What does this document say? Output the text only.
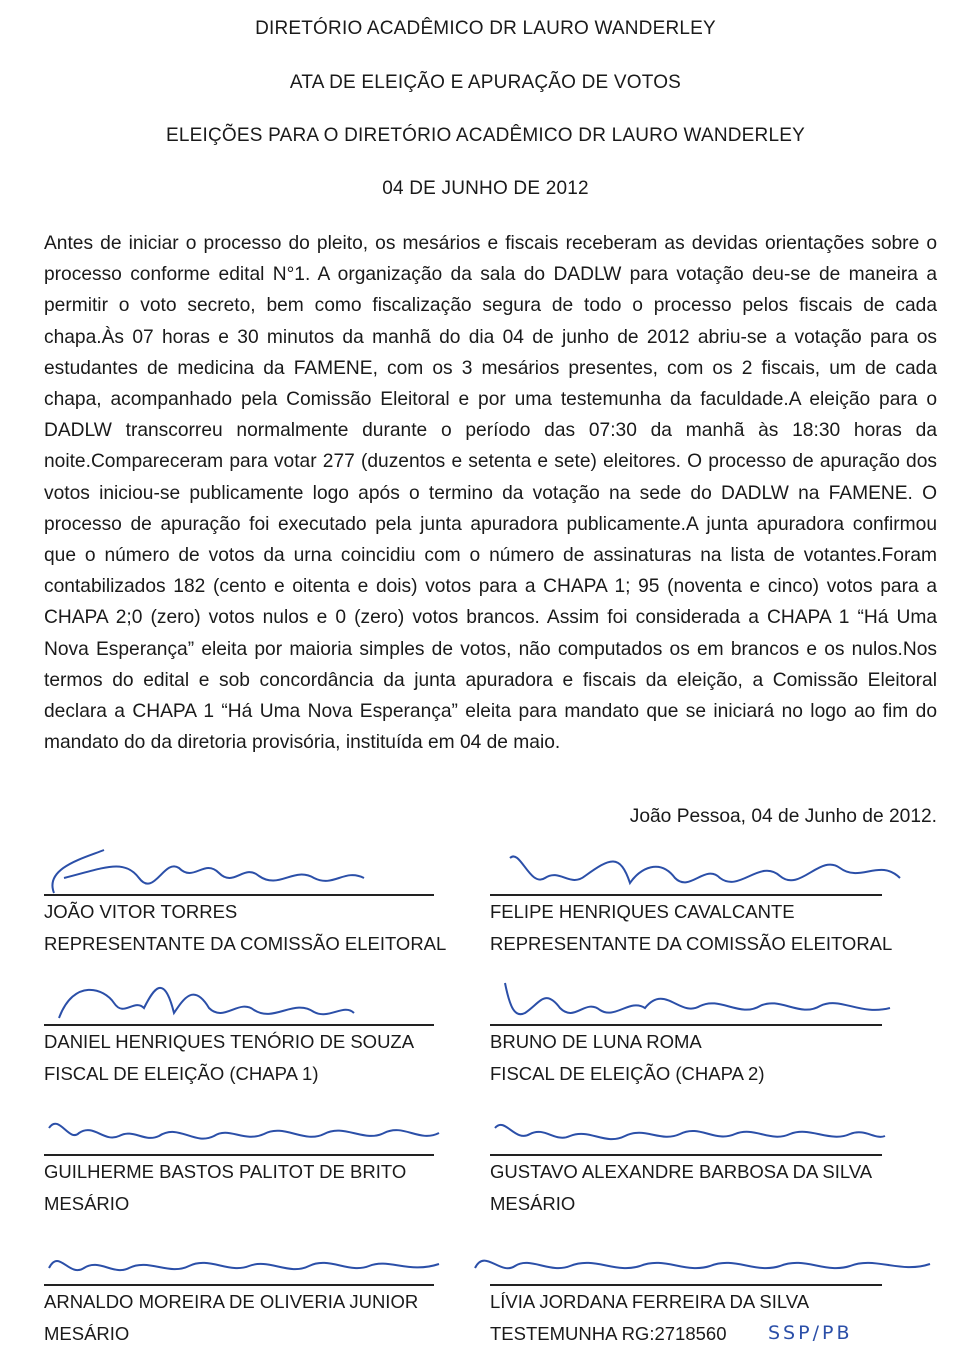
DIRETÓRIO ACADÊMICO DR LAURO WANDERLEY
ATA DE ELEIÇÃO E APURAÇÃO DE VOTOS
ELEIÇÕES PARA O DIRETÓRIO ACADÊMICO DR LAURO WANDERLEY
04 DE JUNHO DE 2012
Antes de iniciar o processo do pleito, os mesários e fiscais receberam as devidas orientações sobre o processo conforme edital N°1. A organização da sala do DADLW para votação deu-se de maneira a permitir o voto secreto, bem como fiscalização segura de todo o processo pelos fiscais de cada chapa.Às 07 horas e 30 minutos da manhã do dia 04 de junho de 2012 abriu-se a votação para os estudantes de medicina da FAMENE, com os 3 mesários presentes, com os 2 fiscais, um de cada chapa, acompanhado pela Comissão Eleitoral e por uma testemunha da faculdade.A eleição para o DADLW transcorreu normalmente durante o período das 07:30 da manhã às 18:30 horas da noite.Compareceram para votar 277 (duzentos e setenta e sete) eleitores. O processo de apuração dos votos iniciou-se publicamente logo após o termino da votação na sede do DADLW na FAMENE. O processo de apuração foi executado pela junta apuradora publicamente.A junta apuradora confirmou que o número de votos da urna coincidiu com o número de assinaturas na lista de votantes.Foram contabilizados 182 (cento e oitenta e dois) votos para a CHAPA 1; 95 (noventa e cinco) votos para a CHAPA 2;0 (zero) votos nulos e 0 (zero) votos brancos. Assim foi considerada a CHAPA 1 “Há Uma Nova Esperança” eleita por maioria simples de votos, não computados os em brancos e os nulos.Nos termos do edital e sob concordância da junta apuradora e fiscais da eleição, a Comissão Eleitoral declara a CHAPA 1 “Há Uma Nova Esperança” eleita para mandato que se iniciará no logo ao fim do mandato do da diretoria provisória, instituída em 04 de maio.
João Pessoa, 04 de Junho de 2012.
JOÃO VITOR TORRES
REPRESENTANTE DA COMISSÃO ELEITORAL
FELIPE HENRIQUES CAVALCANTE
REPRESENTANTE DA COMISSÃO ELEITORAL
DANIEL HENRIQUES TENÓRIO DE SOUZA
FISCAL DE ELEIÇÃO (CHAPA 1)
BRUNO DE LUNA ROMA
FISCAL DE ELEIÇÃO (CHAPA 2)
GUILHERME BASTOS PALITOT DE BRITO
MESÁRIO
GUSTAVO ALEXANDRE BARBOSA DA SILVA
MESÁRIO
ARNALDO MOREIRA DE OLIVERIA JUNIOR
MESÁRIO
LÍVIA JORDANA FERREIRA DA SILVA
TESTEMUNHA RG:2718560	SSP/PB
